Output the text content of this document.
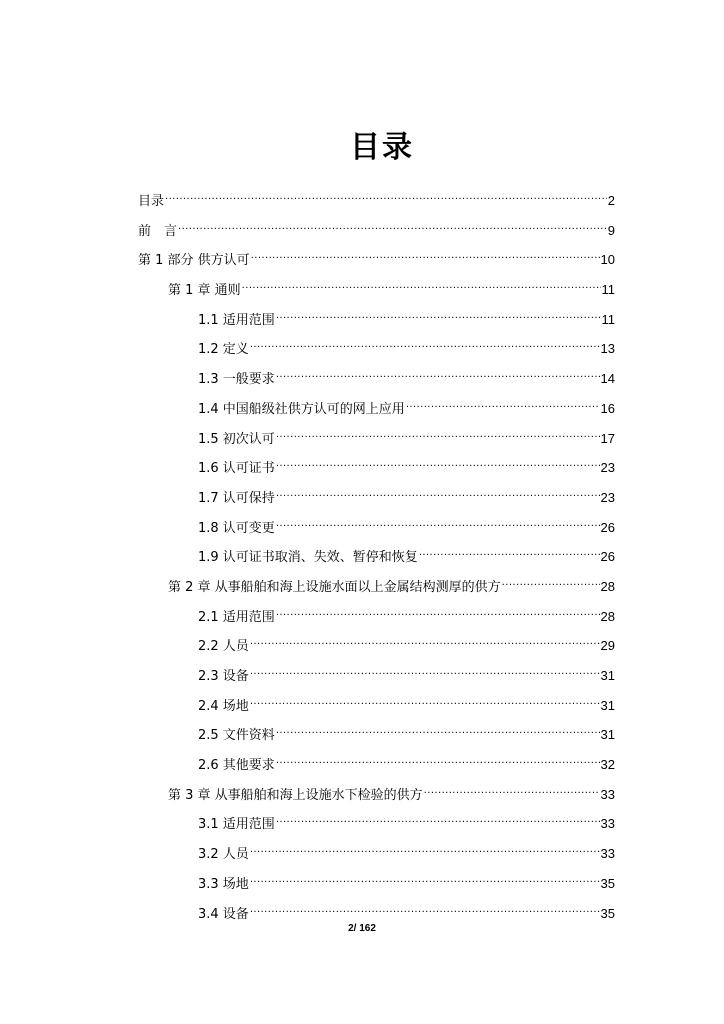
目录
目录 .....	2
前　言 .....	9
第 1 部分 供方认可 .....	10
第 1 章 通则 .....	11
1.1 适用范围 .....	11
1.2 定义 .....	13
1.3 一般要求 .....	14
1.4 中国船级社供方认可的网上应用 .....	16
1.5 初次认可 .....	17
1.6 认可证书 .....	23
1.7 认可保持 .....	23
1.8 认可变更 .....	26
1.9 认可证书取消、失效、暂停和恢复 .....	26
第 2 章 从事船舶和海上设施水面以上金属结构测厚的供方 .....	28
2.1 适用范围 .....	28
2.2 人员 .....	29
2.3 设备 .....	31
2.4 场地 .....	31
2.5 文件资料 .....	31
2.6 其他要求 .....	32
第 3 章 从事船舶和海上设施水下检验的供方 .....	33
3.1 适用范围 .....	33
3.2 人员 .....	33
3.3 场地 .....	35
3.4 设备 .....	35
2/ 162
